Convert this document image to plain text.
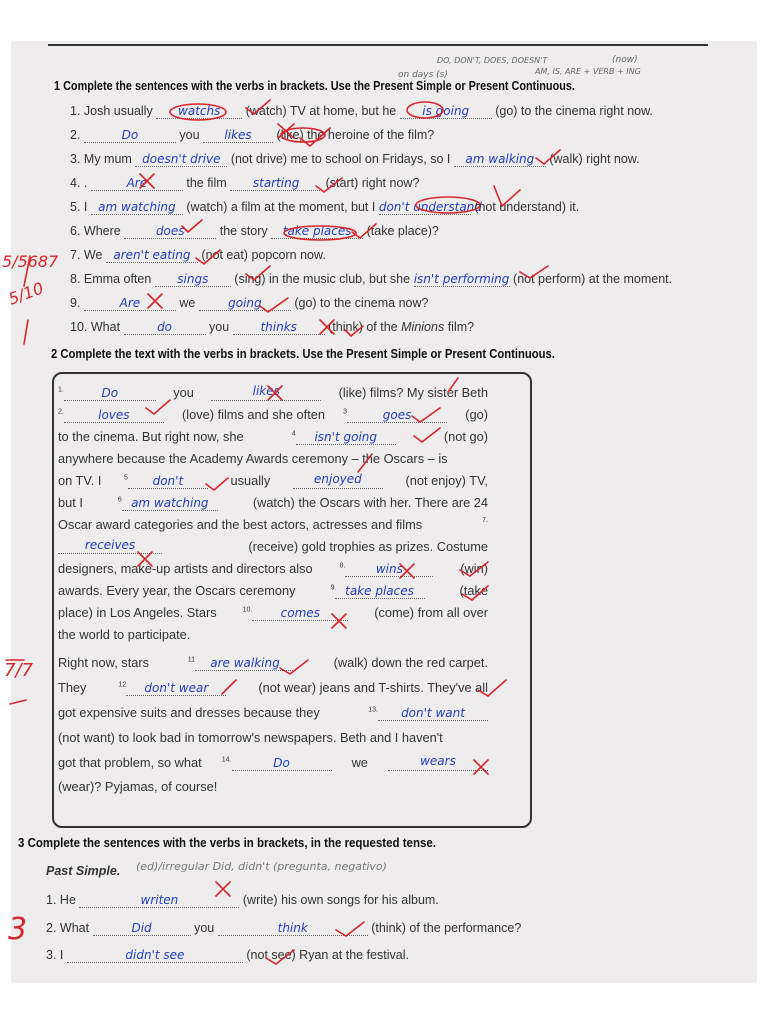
DO, DON'T, DOES, DOESN'T	(now)
on days (s)	AM, IS, ARE + VERB + ING
1 Complete the sentences with the verbs in brackets. Use the Present Simple or Present Continuous.
1. Josh usually watchs (watch) TV at home, but he is going (go) to the cinema right now.
2.	Do	you likes (like) the heroine of the film?
3. My mum doesn't drive (not drive) me to school on Fridays, so I am walking (walk) right now.
4. .	Are	the film starting (start) right now?
5. I am watching (watch) a film at the moment, but I don't understand (not understand) it.
6. Where	does	the story take places (take place)?
7. We aren't eating (not eat) popcorn now.
8. Emma often sings (sing) in the music club, but she isn't performing (not perform) at the moment.
9.	Are	we	going	(go) to the cinema now?
10. What	do	you	thinks	(think) of the Minions film?
5/5687
5/10
2 Complete the text with the verbs in brackets. Use the Present Simple or Present Continuous.
$^{1.}$	Do	you	likes	(like) films? My sister Beth
$^{2.}$	loves	(love) films and she often	$^3$	goes	(go)
to the cinema. But right now, she	$^4$ isn't going	(not go)
anywhere because the Academy Awards ceremony – the Oscars – is
on TV. I	$^5$ don't	usually	enjoyed	(not enjoy) TV,
but I	$^6$ am watching	(watch) the Oscars with her. There are 24
Oscar award categories and the best actors, actresses and films	7.
receives	(receive) gold trophies as prizes. Costume
designers, make-up artists and directors also	$^{8.}$	wins	(win)
awards. Every year, the Oscars ceremony	$^9$ take places	(take
place) in Los Angeles. Stars	$^{10.}$ comes	(come) from all over
the world to participate.
Right now, stars	$^{11}$ are walking	(walk) down the red carpet.
They	$^{12}$ don't wear	(not wear) jeans and T-shirts. They've all
got expensive suits and dresses because they	$^{13.}$ don't want
(not want) to look bad in tomorrow's newspapers. Beth and I haven't
got that problem, so what	$^{14.}$	Do	we	wears
(wear)? Pyjamas, of course!
7/7
3 Complete the sentences with the verbs in brackets, in the requested tense.
Past Simple. (ed)/irregular Did, didn't (pregunta, negativo)
1. He	writen	(write) his own songs for his album.
2. What	Did	you	think	(think) of the performance?
3. I	didn't see	(not see) Ryan at the festival.
3
